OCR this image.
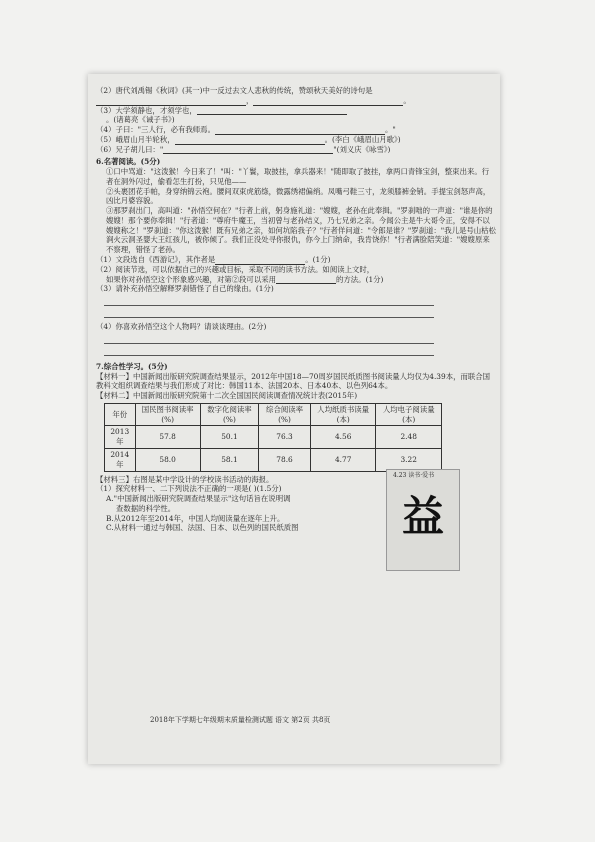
（2）唐代刘禹锡《秋词》(其一)中一反过去文人悲秋的传统，赞颂秋天美好的诗句是
，	。
（3）大学须静也，才须学也，
。(诸葛亮《诫子书》)
（4）子曰："三人行，必有我师焉。	。"
（5）峨眉山月半轮秋，	。(李白《峨眉山月歌》)
（6）兄子胡儿曰："	"(刘义庆《咏雪》)
6.名著阅读。(5分)
①口中骂道："这泼猴！今日来了！"叫："丫鬟，取披挂，拿兵器来！"随即取了披挂，拿两口青锋宝剑，整束出来。行者在洞外闪过，偷看怎生打扮，只见他——
②头裹团花手帕，身穿纳锦云袍。腰间双束虎筋绦，微露绣裙偏绡。凤嘴弓鞋三寸，龙须膝裤金销。手提宝剑怒声高，凶比月婆容貌。
③那罗刹出门，高叫道："孙悟空何在？"行者上前，躬身施礼道："嫂嫂，老孙在此奉揖。"罗刹咄的一声道："谁是你的嫂嫂！那个要你奉揖！"行者道："尊府牛魔王，当初曾与老孙结义，乃七兄弟之亲。今闻公主是牛大哥令正，安得不以嫂嫂称之！"罗刹道："你这泼猴！既有兄弟之亲，如何坑陷我子？"行者佯问道："令郎是谁？"罗刹道："我儿是号山枯松涧火云洞圣婴大王红孩儿，被你倾了。我们正没处寻你报仇，你今上门纳命，我肯饶你！"行者满脸陪笑道："嫂嫂原来不察理，错怪了老孙。
（1）文段选自《西游记》，其作者是	。(1分)
（2）阅读节选，可以依据自己的兴趣或目标，采取不同的读书方法。如阅读上文时，
如果你对孙悟空这个形象感兴趣，对第②段可以采用	的方法。(1分)
（3）请补充孙悟空解释罗刹错怪了自己的缘由。(1分)
（4）你喜欢孙悟空这个人物吗？请谈谈理由。(2分)
7.综合性学习。(5分)
【材料一】中国新闻出版研究院调查结果显示，2012年中国18—70周岁国民纸质图书阅读量人均仅为4.39本，而联合国教科文组织调查结果与我们形成了对比：韩国11本、法国20本、日本40本、以色列64本。
【材料二】中国新闻出版研究院第十二次全国国民阅读调查情况统计表(2015年)
年份	国民图书阅读率(%)	数字化阅读率(%)	综合阅读率(%)	人均纸质书读量(本)	人均电子阅读量(本)
2013年	57.8	50.1	76.3	4.56	2.48
2014年	58.0	58.1	78.6	4.77	3.22
【材料三】右图是某中学设计的学校读书活动的海报。
（1）探究材料一、二下列说法不正确的一项是( )(1.5分)
A."中国新闻出版研究院调查结果显示"这句话旨在说明调
查数据的科学性。
B.从2012年至2014年，中国人均阅读量在逐年上升。
C.从材料一通过与韩国、法国、日本、以色列的国民纸质图
4.23 读书·爱书
益
2018年下学期七年级期末质量检测试题 语文 第2页 共8页
